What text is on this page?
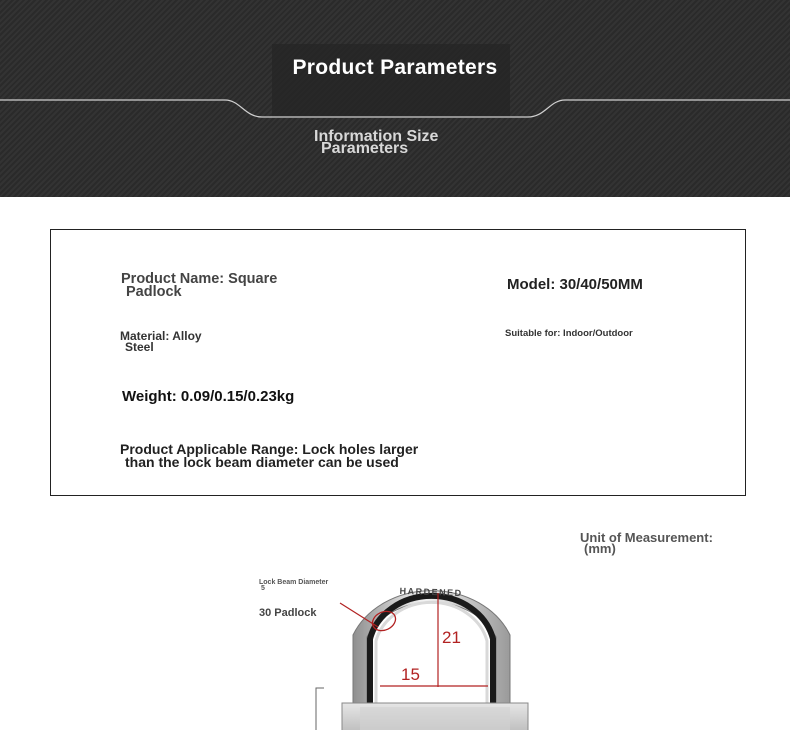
Product Parameters
Information Size
Parameters
Product Name: Square
Padlock	Model: 30/40/50MM
Material: Alloy
Steel
Suitable for: Indoor/Outdoor
Weight: 0.09/0.15/0.23kg
Product Applicable Range: Lock holes larger
than the lock beam diameter can be used
Unit of Measurement:
(mm)
Lock Beam Diameter
5
30 Padlock
HARDENED
21
15
